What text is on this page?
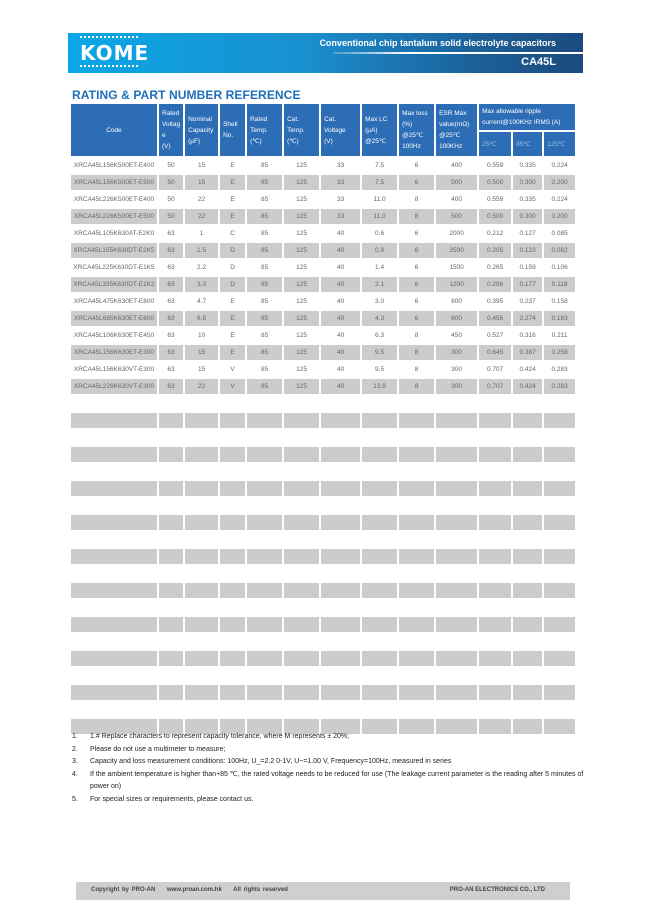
KOME	Conventional chip tantalum solid electrolyte capacitors
CA45L
RATING & PART NUMBER REFERENCE
Code	
Rated
Voltag
e
(V)

Nominal
Capacity
(µF)

Shell
No.

Rated
Temp.
(℃)

Cat.
Temp.
(℃)

Cat.
Voltage
(V)

Max LC
(µA)
@25℃

Max loss
(%)
@25℃
100Hz

ESR Max
value(mΩ)
@25℃
100KHz

Max allowable ripple
current@100KHz IRMS (A)

										25℃	85℃	125℃
XRCA45L156K500ET-E400	50	15	E	85	125	33	7.5	6	400	0.559	0.335	0.224
XRCA45L156K500ET-E500	50	15	E	85	125	33	7.5	6	500	0.500	0.300	0.200
XRCA45L226K500ET-E400	50	22	E	85	125	33	11.0	8	400	0.559	0.335	0.224
XRCA45L226K500ET-E500	50	22	E	85	125	33	11.0	8	500	0.500	0.300	0.200
XRCA45L105K630AT-E2K0	63	1	C	85	125	40	0.6	6	2000	0.212	0.127	0.085
XRCA45L155K630DT-E2K5	63	1.5	D	85	125	40	0.9	6	2500	0.205	0.123	0.082
XRCA45L225K630DT-E1K5	63	2.2	D	85	125	40	1.4	6	1500	0.265	0.159	0.106
XRCA45L335K630DT-E1K2	63	3.3	D	85	125	40	2.1	6	1200	0.296	0.177	0.118
XRCA45L475K630ET-E800	63	4.7	E	85	125	40	3.0	6	800	0.395	0.237	0.158
XRCA45L685K630ET-E600	63	6.8	E	85	125	40	4.3	6	600	0.456	0.274	0.183
XRCA45L106K630ET-E450	63	10	E	85	125	40	6.3	8	450	0.527	0.316	0.211
XRCA45L156K630ET-E300	63	15	E	85	125	40	9.5	8	300	0.645	0.387	0.258
XRCA45L156K630VT-E300	63	15	V	85	125	40	9.5	8	300	0.707	0.424	0.283
XRCA45L226K630VT-E300	63	22	V	85	125	40	13.9	8	300	0.707	0.424	0.283

1.	1.# Replace characters to represent capacity tolerance, where M represents ± 20%;
2.	Please do not use a multimeter to measure;
3.	Capacity and loss measurement conditions: 100Hz, U_=2.2 0-1V, U~=1.00 V, Frequency=100Hz, measured in series
4.	If the ambient temperature is higher than+85 ℃, the rated voltage needs to be reduced for use (The leakage current parameter is the reading after 5 minutes of power on)
5.	For special sizes or requirements, please contact us.
Copyright by PRO-AN www.proan.com.hk All rights reserved	PRO-AN ELECTRONICS CO., LTD
